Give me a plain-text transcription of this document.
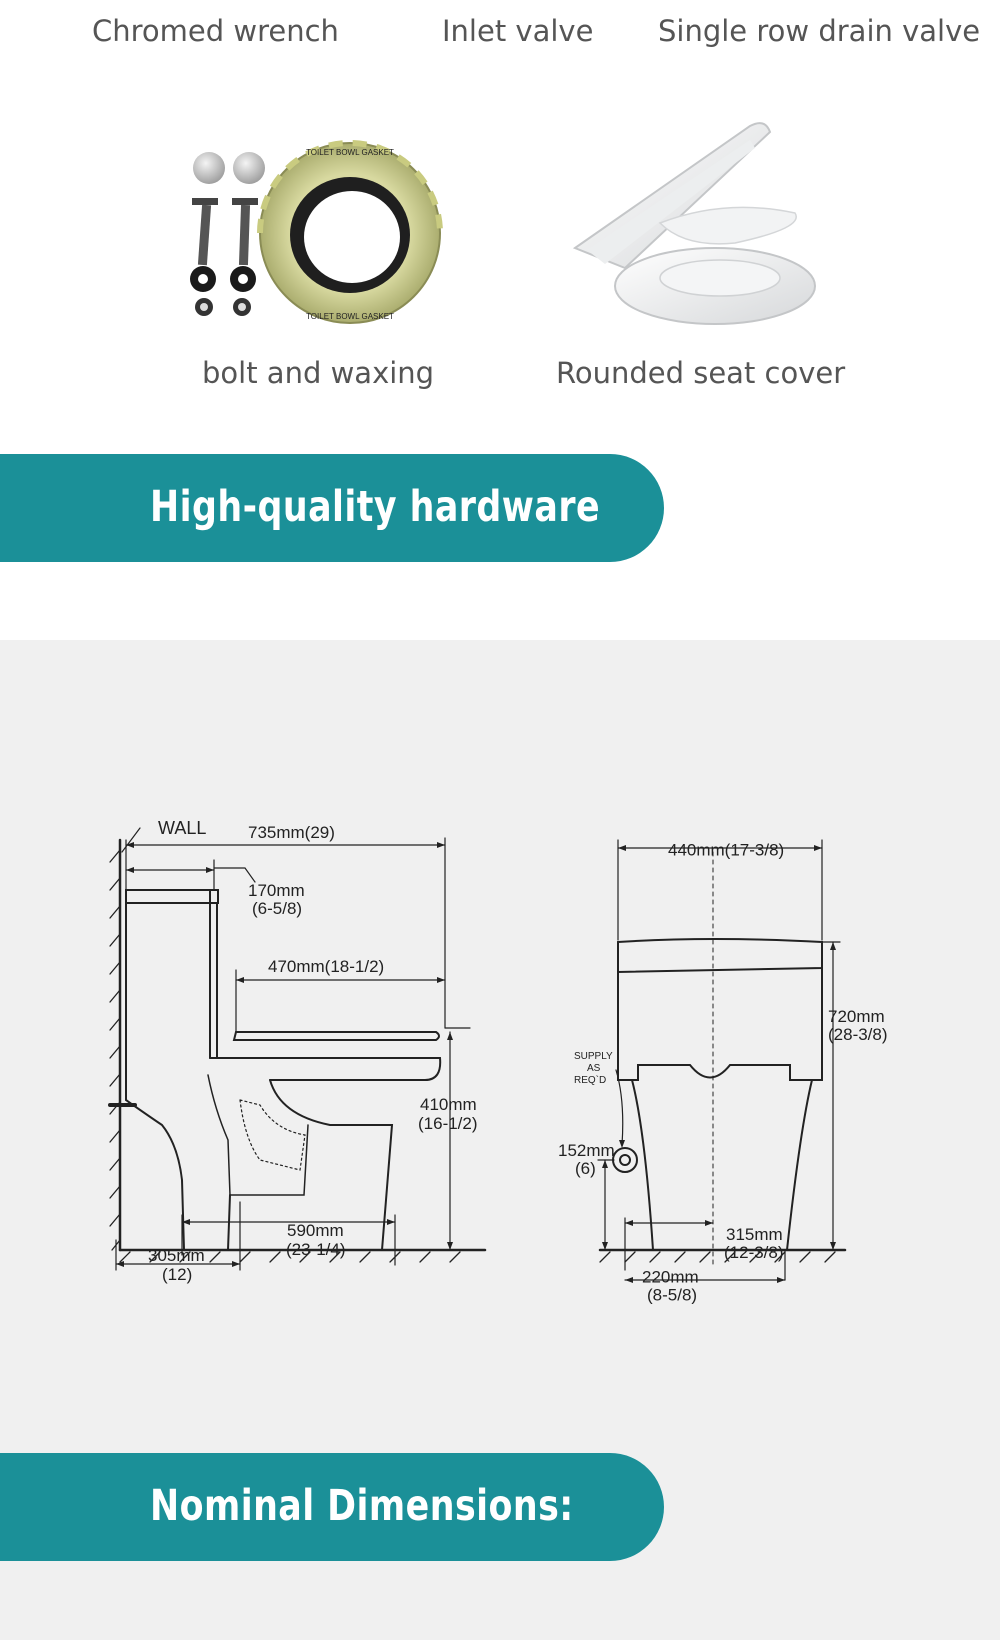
Chromed wrench	Inlet valve Single row drain valve
TOILET BOWL GASKET
TOILET BOWL GASKET
bolt and waxing	Rounded seat cover
High-quality hardware
WALL 735mm(29)
170mm
(6-5/8)
470mm(18-1/2)
410mm
(16-1/2)
590mm
(23-1/4)
305mm
(12)
440mm(17-3/8)
720mm
(28-3/8)
SUPPLY
AS
REQ`D
152mm
(6)
220mm
(8-5/8)
315mm
(12-3/8)
Nominal Dimensions:
